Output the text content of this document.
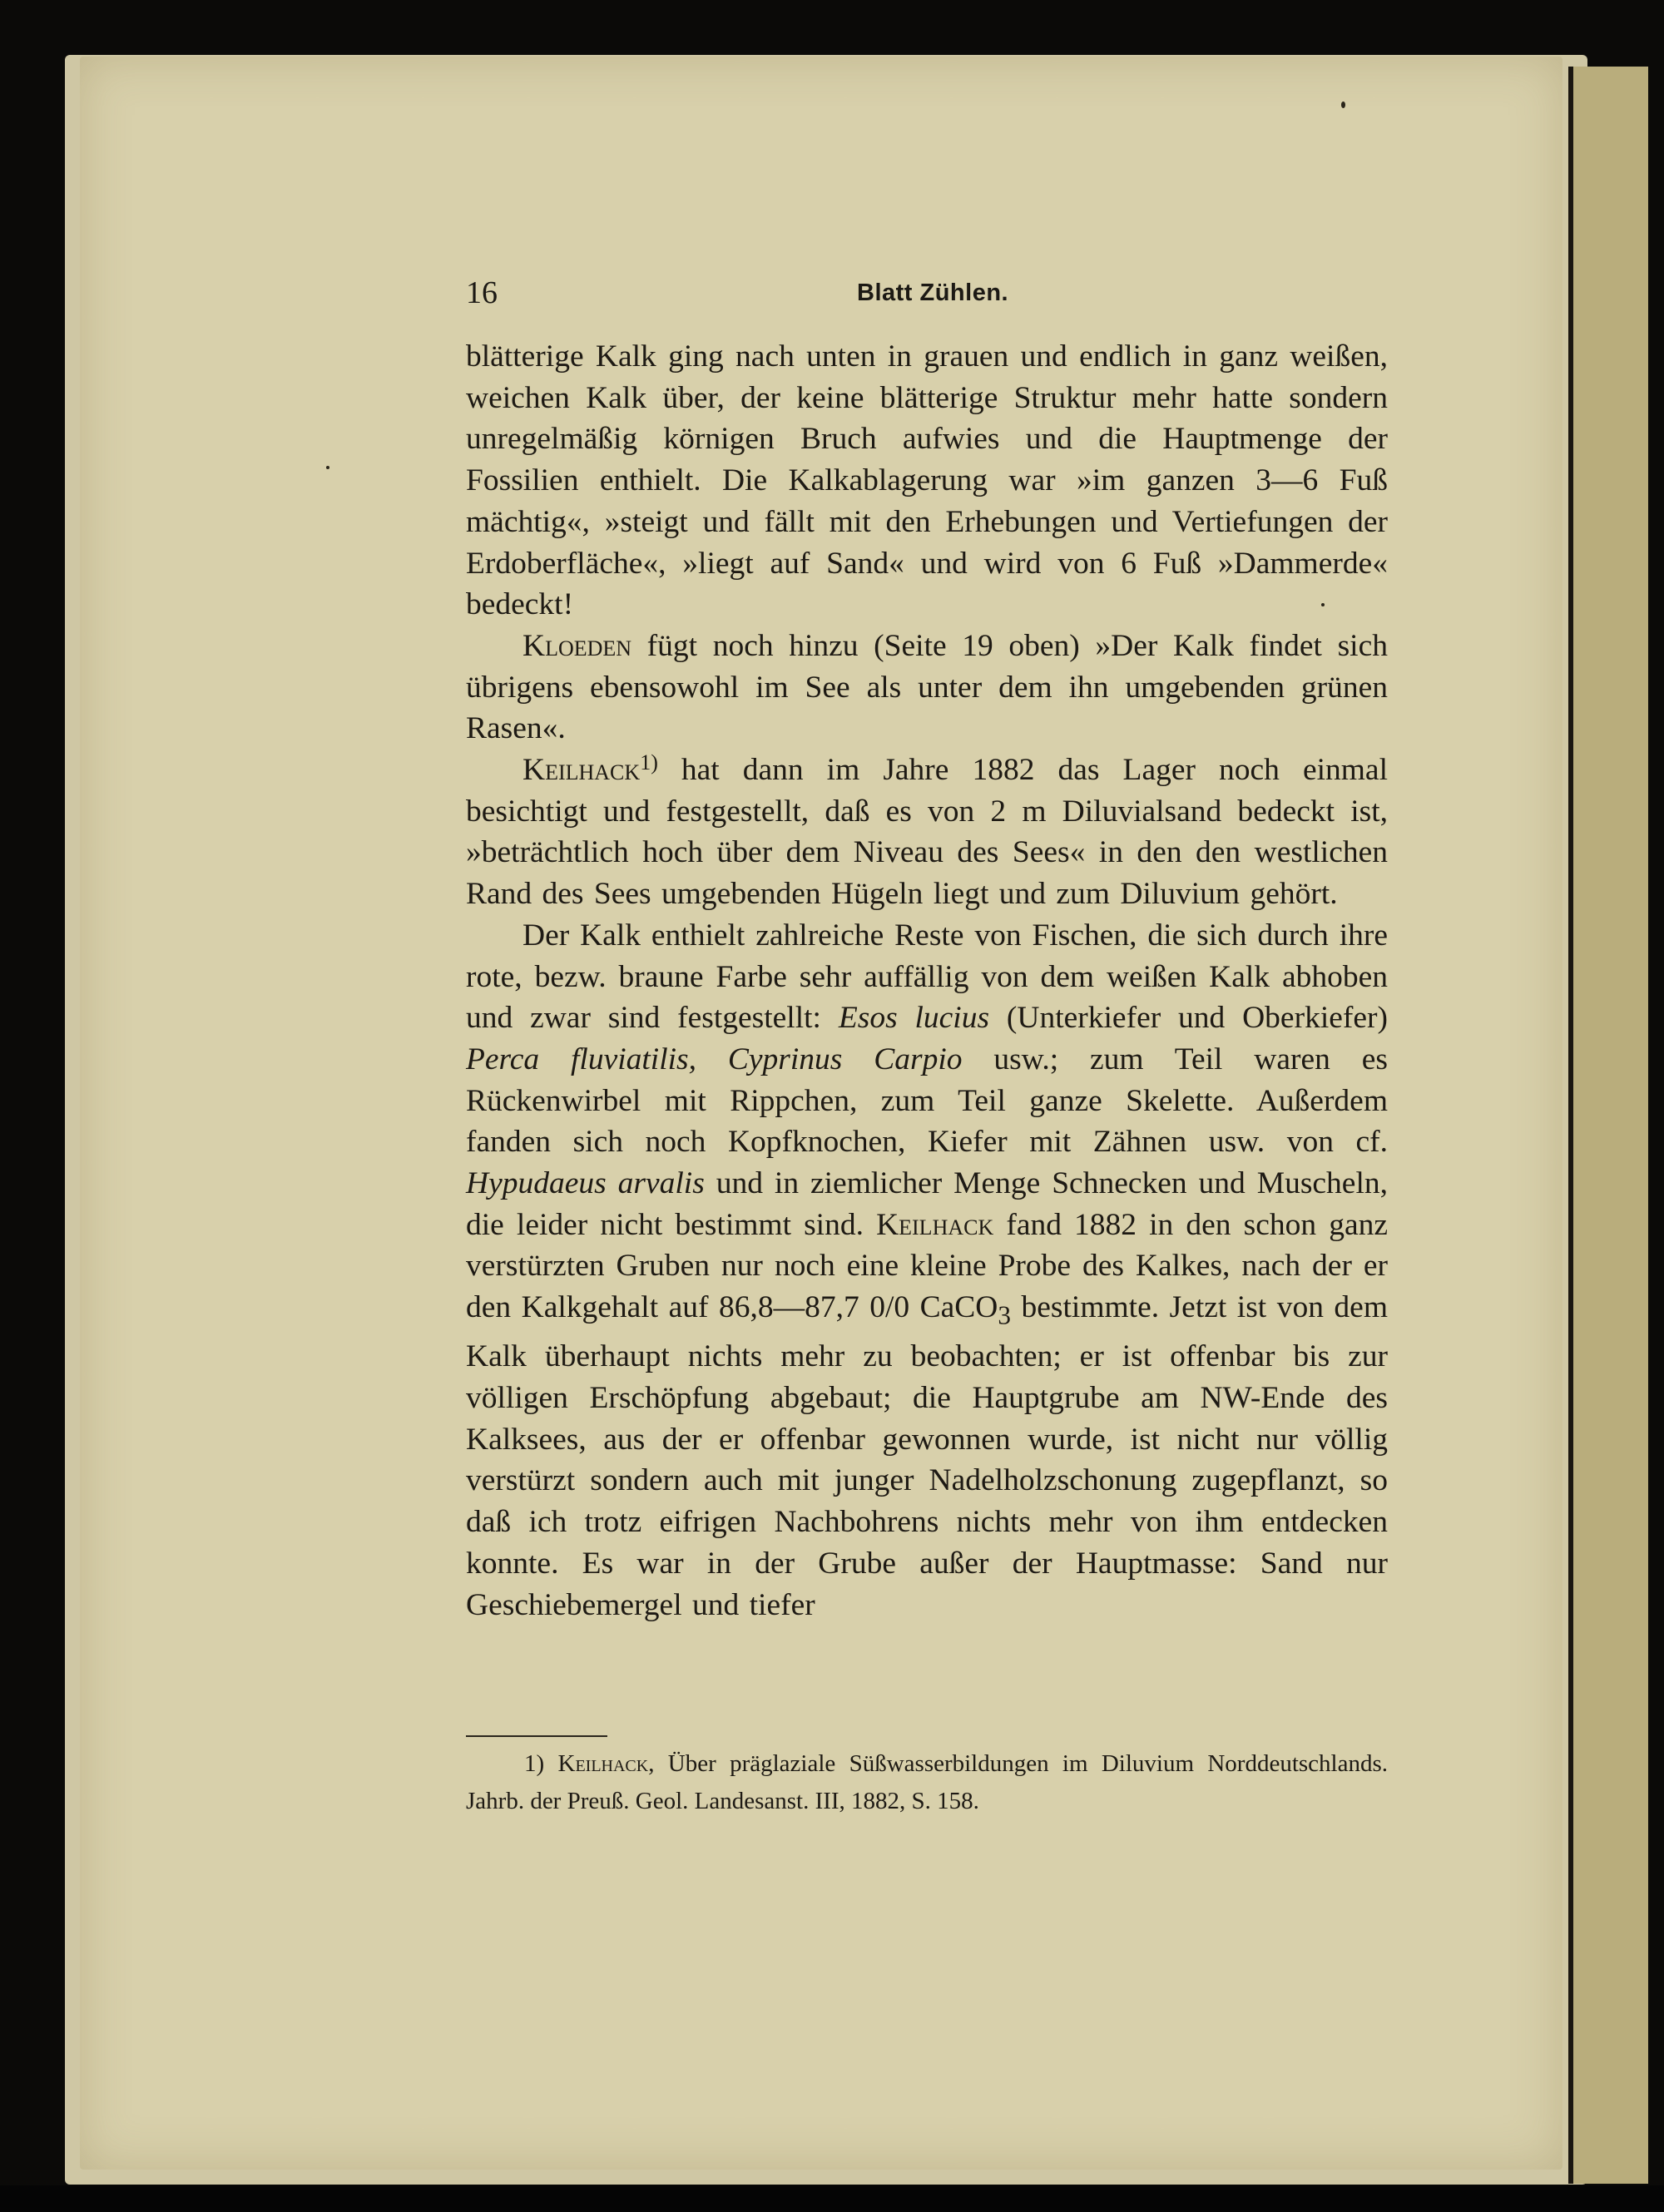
16	Blatt Zühlen.

blätterige Kalk ging nach unten in grauen und endlich in ganz weißen, weichen Kalk über, der keine blätterige Struktur mehr hatte sondern unregelmäßig körnigen Bruch aufwies und die Hauptmenge der Fossilien enthielt. Die Kalkablagerung war »im ganzen 3—6 Fuß mächtig«, »steigt und fällt mit den Erhebungen und Vertiefungen der Erdoberfläche«, »liegt auf Sand« und wird von 6 Fuß »Dammerde« bedeckt!

Kloeden fügt noch hinzu (Seite 19 oben) »Der Kalk findet sich übrigens ebensowohl im See als unter dem ihn umgebenden grünen Rasen«.

Keilhack$^{1)}$ hat dann im Jahre 1882 das Lager noch einmal besichtigt und festgestellt, daß es von 2 m Diluvialsand bedeckt ist, »beträchtlich hoch über dem Niveau des Sees« in den den westlichen Rand des Sees umgebenden Hügeln liegt und zum Diluvium gehört.

Der Kalk enthielt zahlreiche Reste von Fischen, die sich durch ihre rote, bezw. braune Farbe sehr auffällig von dem weißen Kalk abhoben und zwar sind festgestellt: Esos lucius (Unterkiefer und Oberkiefer) Perca fluviatilis, Cyprinus Carpio usw.; zum Teil waren es Rückenwirbel mit Rippchen, zum Teil ganze Skelette. Außerdem fanden sich noch Kopfknochen, Kiefer mit Zähnen usw. von cf. Hypudaeus arvalis und in ziemlicher Menge Schnecken und Muscheln, die leider nicht bestimmt sind. Keilhack fand 1882 in den schon ganz verstürzten Gruben nur noch eine kleine Probe des Kalkes, nach der er den Kalkgehalt auf 86,8—87,7 0/0 CaCO$_3$ bestimmte. Jetzt ist von dem Kalk überhaupt nichts mehr zu beobachten; er ist offenbar bis zur völligen Erschöpfung abgebaut; die Hauptgrube am NW-Ende des Kalksees, aus der er offenbar gewonnen wurde, ist nicht nur völlig verstürzt sondern auch mit junger Nadelholzschonung zugepflanzt, so daß ich trotz eifrigen Nachbohrens nichts mehr von ihm entdecken konnte. Es war in der Grube außer der Hauptmasse: Sand nur Geschiebemergel und tiefer

1) Keilhack, Über präglaziale Süßwasserbildungen im Diluvium Norddeutschlands. Jahrb. der Preuß. Geol. Landesanst. III, 1882, S. 158.
